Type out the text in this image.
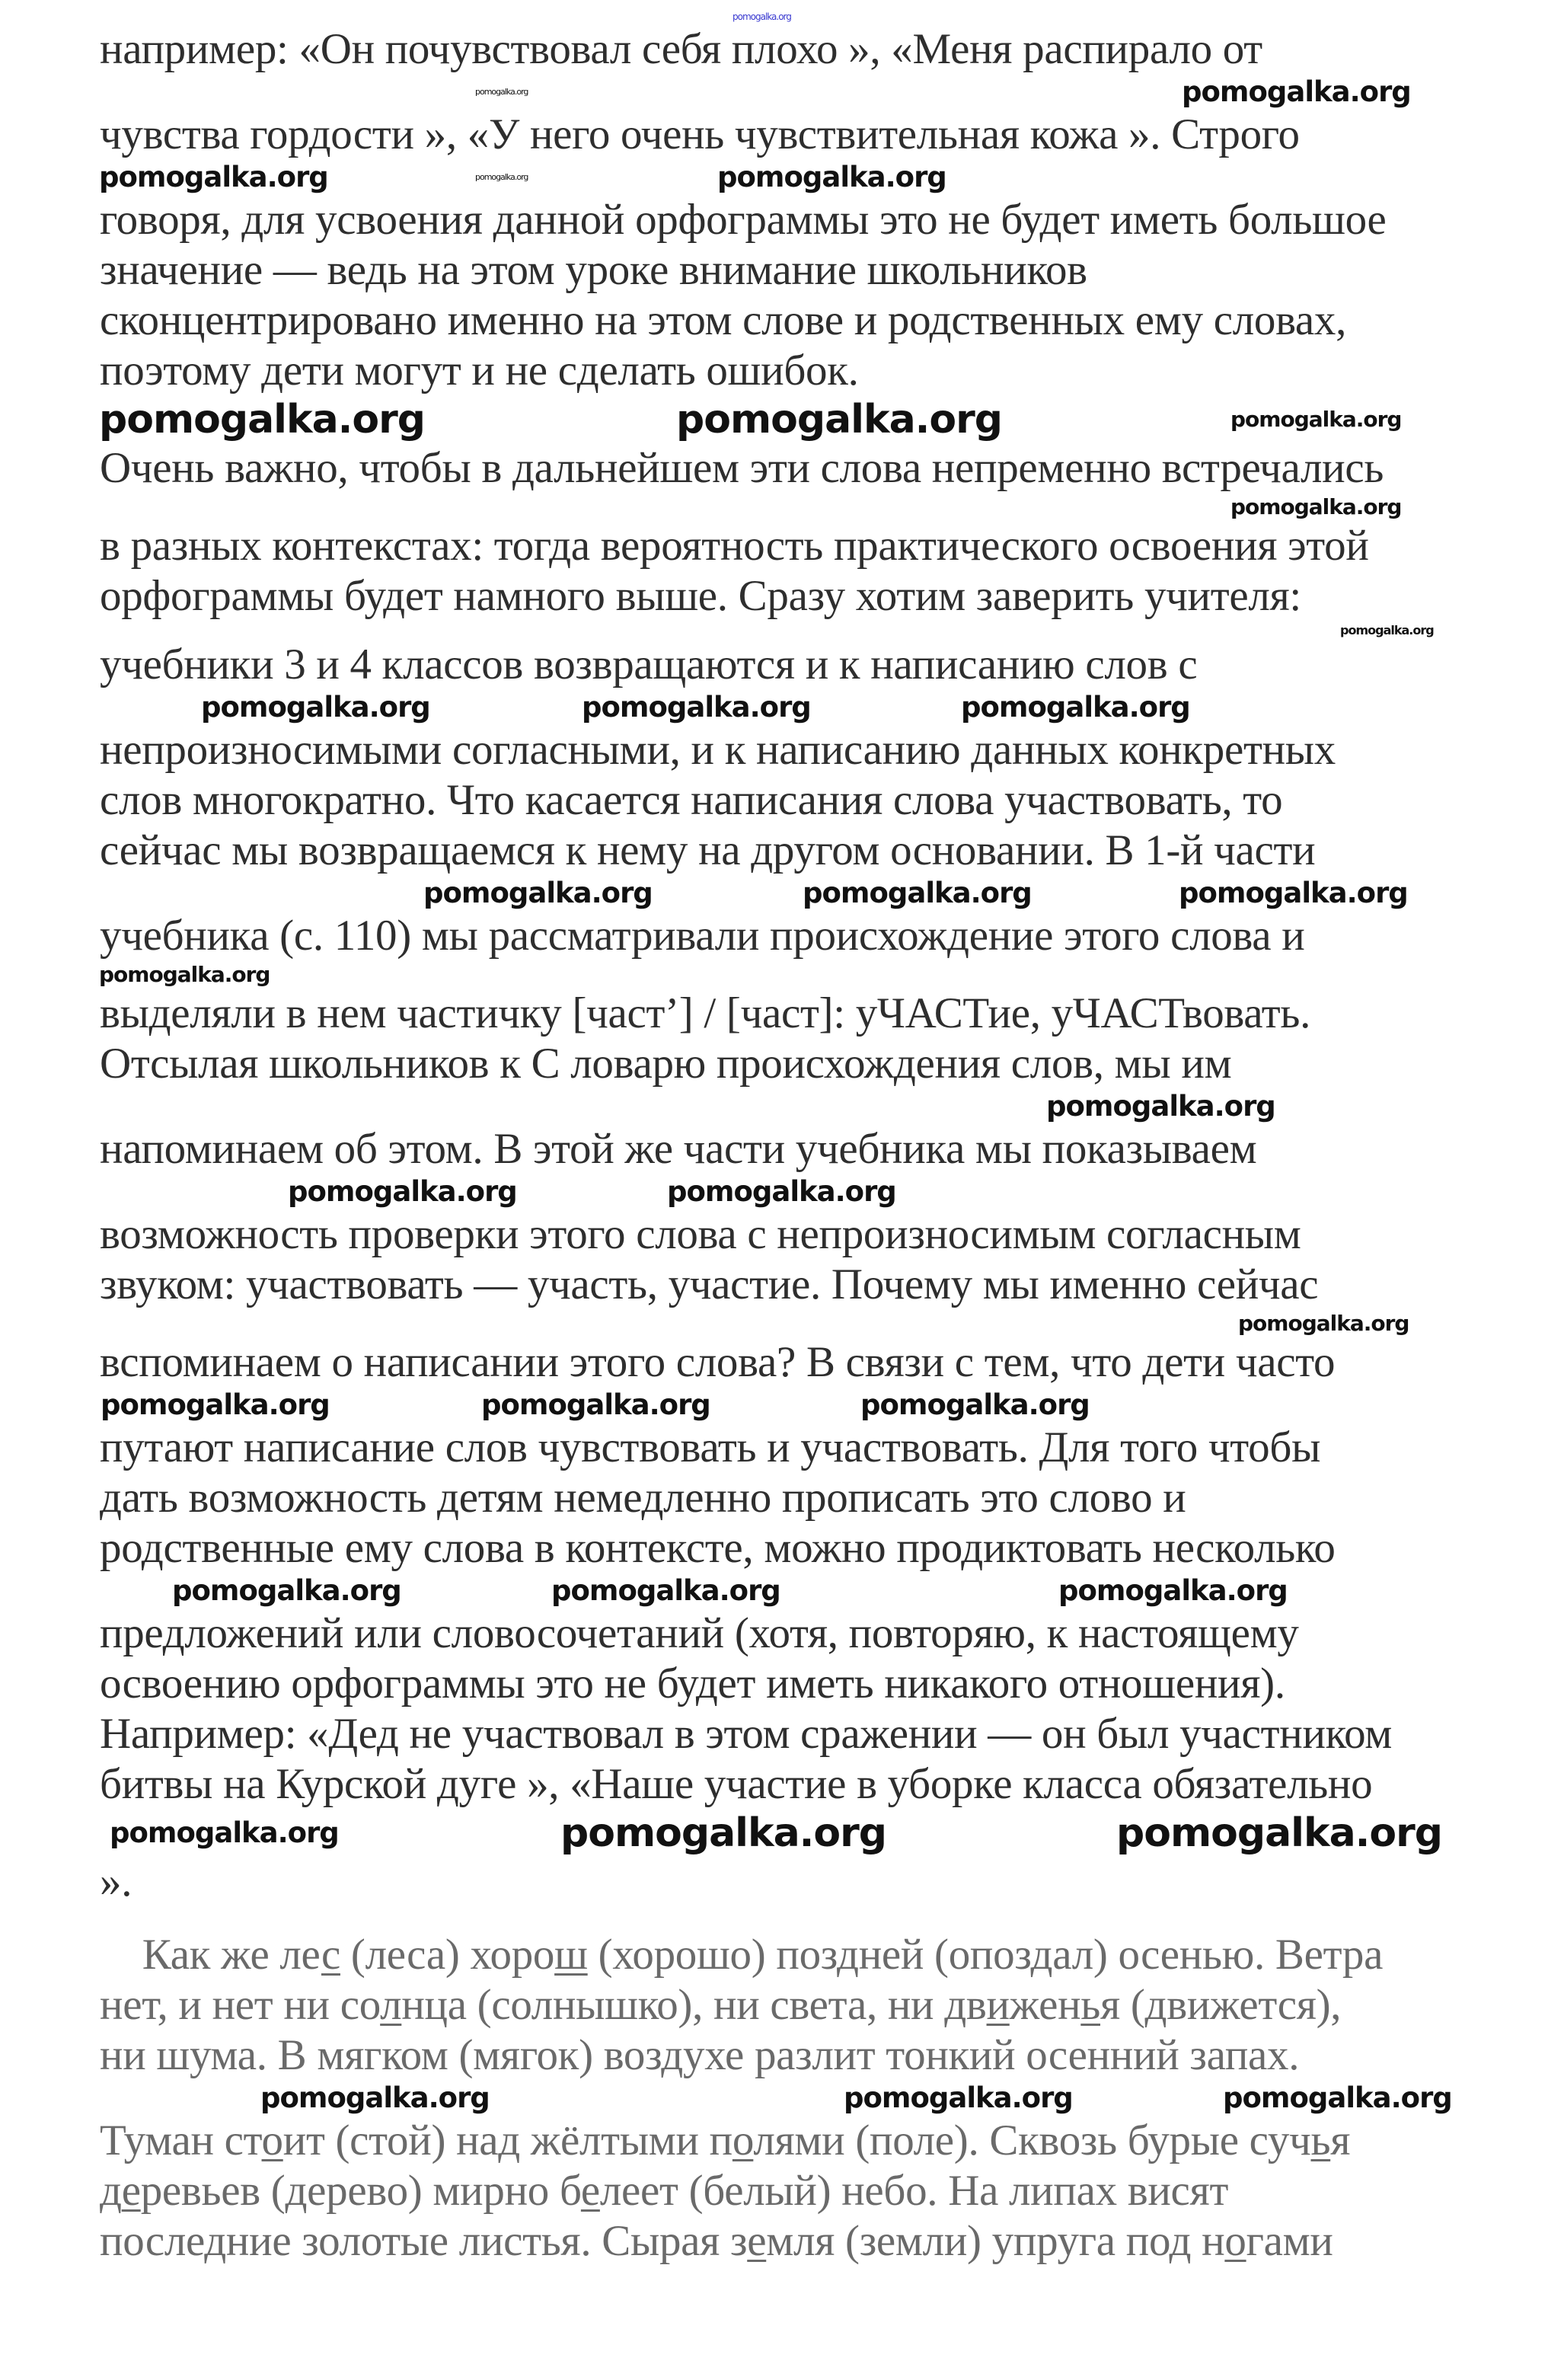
pomogalka.org
например: «Он почувствовал себя плохо », «Меня распирало от
pomogalka.org	pomogalka.org
чувства гордости », «У него очень чувствительная кожа ». Строго
pomogalka.org	pomogalka.org	pomogalka.org
говоря, для усвоения данной орфограммы это не будет иметь большое
значение — ведь на этом уроке внимание школьников
сконцентрировано именно на этом слове и родственных ему словах,
поэтому дети могут и не сделать ошибок.
pomogalka.org	pomogalka.org	pomogalka.org
Очень важно, чтобы в дальнейшем эти слова непременно встречались
pomogalka.org
в разных контекстах: тогда вероятность практического освоения этой
орфограммы будет намного выше. Сразу хотим заверить учителя:
pomogalka.org
учебники 3 и 4 классов возвращаются и к написанию слов с
pomogalka.org	pomogalka.org	pomogalka.org
непроизносимыми согласными, и к написанию данных конкретных
слов многократно. Что касается написания слова участвовать, то
сейчас мы возвращаемся к нему на другом основании. В 1-й части
pomogalka.org	pomogalka.org	pomogalka.org
учебника (с. 110) мы рассматривали происхождение этого слова и
pomogalka.org
выделяли в нем частичку [част’] / [част]: уЧАСТие, уЧАСТвовать.
Отсылая школьников к С ловарю происхождения слов, мы им
pomogalka.org
напоминаем об этом. В этой же части учебника мы показываем
pomogalka.org	pomogalka.org
возможность проверки этого слова с непроизносимым согласным
звуком: участвовать — участь, участие. Почему мы именно сейчас
pomogalka.org
вспоминаем о написании этого слова? В связи с тем, что дети часто
pomogalka.org	pomogalka.org	pomogalka.org
путают написание слов чувствовать и участвовать. Для того чтобы
дать возможность детям немедленно прописать это слово и
родственные ему слова в контексте, можно продиктовать несколько
pomogalka.org	pomogalka.org	pomogalka.org
предложений или словосочетаний (хотя, повторяю, к настоящему
освоению орфограммы это не будет иметь никакого отношения).
Например: «Дед не участвовал в этом сражении — он был участником
битвы на Курской дуге », «Наше участие в уборке класса обязательно
pomogalka.org	pomogalka.org	pomogalka.org
».
Как же лес (леса) хорош (хорошо) поздней (опоздал) осенью. Ветра
нет, и нет ни солнца (солнышко), ни света, ни движенья (движется),
ни шума. В мягком (мягок) воздухе разлит тонкий осенний запах.
pomogalka.org	pomogalka.org	pomogalka.org
Туман стоит (стой) над жёлтыми полями (поле). Сквозь бурые сучья
деревьев (дерево) мирно белеет (белый) небо. На липах висят
последние золотые листья. Сырая земля (земли) упруга под ногами
